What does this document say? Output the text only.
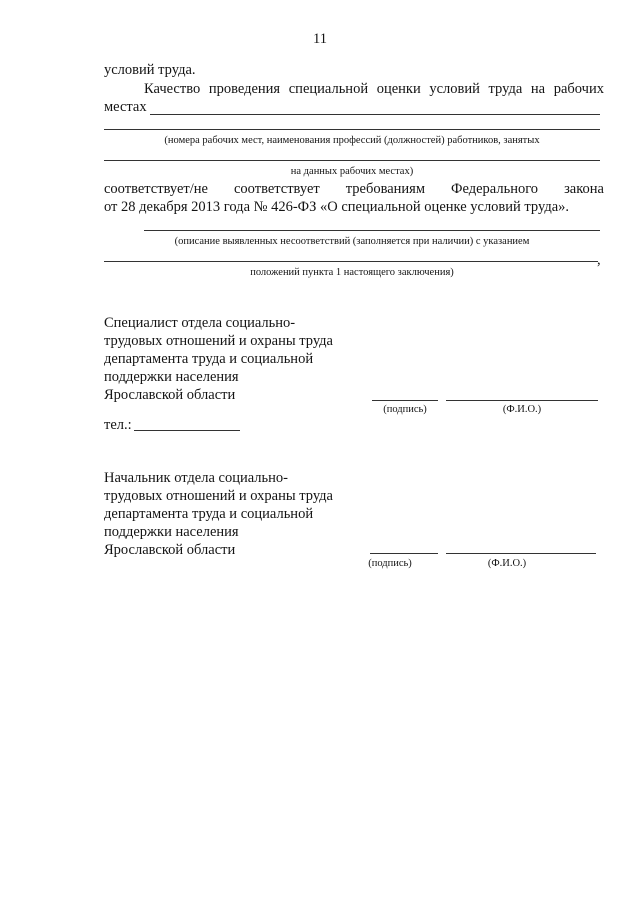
11
условий труда.
Качество проведения специальной оценки условий труда на рабочих
местах
(номера рабочих мест, наименования профессий (должностей) работников, занятых
на данных рабочих местах)
соответствует/не соответствует требованиям Федерального закона
от 28 декабря 2013 года № 426-ФЗ «О специальной оценке условий труда».
(описание выявленных несоответствий (заполняется при наличии) с указанием
,
положений пункта 1 настоящего заключения)
Специалист отдела социально-
трудовых отношений и охраны труда
департамента труда и социальной
поддержки населения
Ярославской области
(подпись)	(Ф.И.О.)
тел.:
Начальник отдела социально-
трудовых отношений и охраны труда
департамента труда и социальной
поддержки населения
Ярославской области
(подпись)	(Ф.И.О.)
